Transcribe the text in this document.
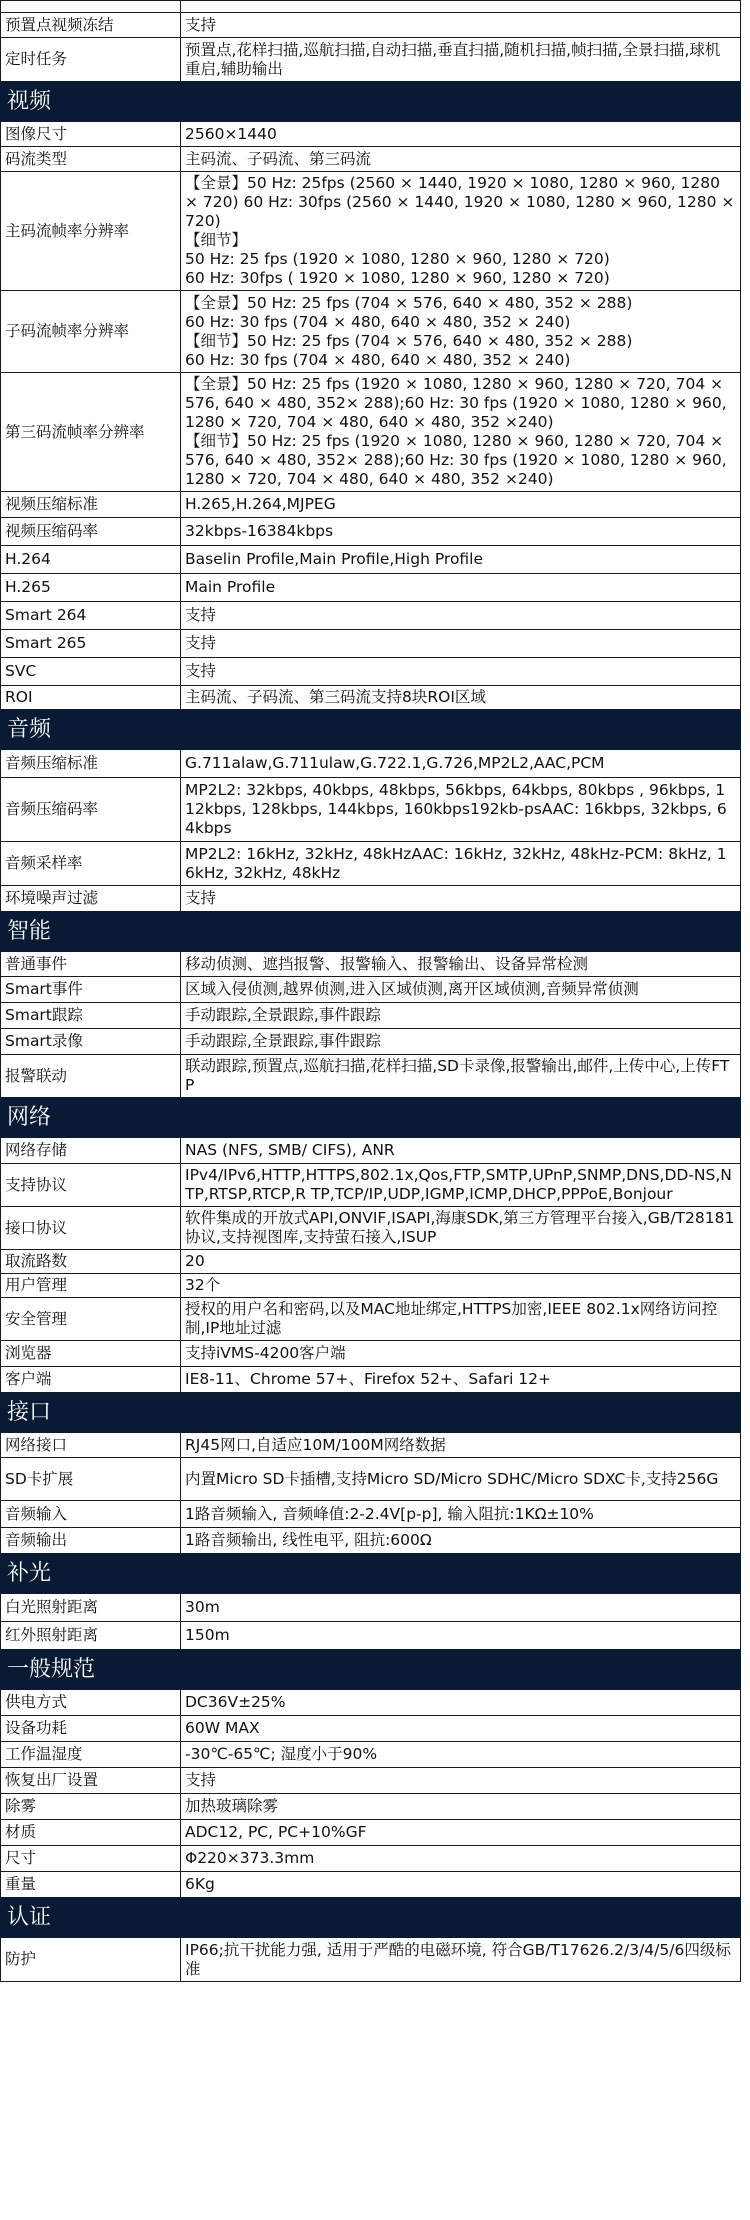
预置点视频冻结	支持
定时任务	预置点,花样扫描,巡航扫描,自动扫描,垂直扫描,随机扫描,帧扫描,全景扫描,球机重启,辅助输出
视频	
图像尺寸	2560×1440
码流类型	主码流、子码流、第三码流
主码流帧率分辨率	【全景】50 Hz: 25fps (2560 × 1440, 1920 × 1080, 1280 × 960, 1280 × 720) 60 Hz: 30fps (2560 × 1440, 1920 × 1080, 1280 × 960, 1280 × 720)
【细节】
50 Hz: 25 fps (1920 × 1080, 1280 × 960, 1280 × 720)
60 Hz: 30fps ( 1920 × 1080, 1280 × 960, 1280 × 720)
子码流帧率分辨率	【全景】50 Hz: 25 fps (704 × 576, 640 × 480, 352 × 288)
60 Hz: 30 fps (704 × 480, 640 × 480, 352 × 240)
【细节】50 Hz: 25 fps (704 × 576, 640 × 480, 352 × 288)
60 Hz: 30 fps (704 × 480, 640 × 480, 352 × 240)
第三码流帧率分辨率	【全景】50 Hz: 25 fps (1920 × 1080, 1280 × 960, 1280 × 720, 704 × 576, 640 × 480, 352× 288);60 Hz: 30 fps (1920 × 1080, 1280 × 960, 1280 × 720, 704 × 480, 640 × 480, 352 ×240)
【细节】50 Hz: 25 fps (1920 × 1080, 1280 × 960, 1280 × 720, 704 × 576, 640 × 480, 352× 288);60 Hz: 30 fps (1920 × 1080, 1280 × 960, 1280 × 720, 704 × 480, 640 × 480, 352 ×240)
视频压缩标准	H.265,H.264,MJPEG
视频压缩码率	32kbps-16384kbps
H.264	Baselin Profile,Main Profile,High Profile
H.265	Main Profile
Smart 264	支持
Smart 265	支持
SVC	支持
ROI	主码流、子码流、第三码流支持8块ROI区域
音频	
音频压缩标准	G.711alaw,G.711ulaw,G.722.1,G.726,MP2L2,AAC,PCM
音频压缩码率	MP2L2: 32kbps, 40kbps, 48kbps, 56kbps, 64kbps, 80kbps , 96kbps, 112kbps, 128kbps, 144kbps, 160kbps192kb-psAAC: 16kbps, 32kbps, 64kbps
音频采样率	MP2L2: 16kHz, 32kHz, 48kHzAAC: 16kHz, 32kHz, 48kHz-PCM: 8kHz, 16kHz, 32kHz, 48kHz
环境噪声过滤	支持
智能	
普通事件	移动侦测、遮挡报警、报警输入、报警输出、设备异常检测
Smart事件	区域入侵侦测,越界侦测,进入区域侦测,离开区域侦测,音频异常侦测
Smart跟踪	手动跟踪,全景跟踪,事件跟踪
Smart录像	手动跟踪,全景跟踪,事件跟踪
报警联动	联动跟踪,预置点,巡航扫描,花样扫描,SD卡录像,报警输出,邮件,上传中心,上传FTP
网络	
网络存储	NAS (NFS, SMB/ CIFS), ANR
支持协议	IPv4/IPv6,HTTP,HTTPS,802.1x,Qos,FTP,SMTP,UPnP,SNMP,DNS,DD-NS,NTP,RTSP,RTCP,R TP,TCP/IP,UDP,IGMP,ICMP,DHCP,PPPoE,Bonjour
接口协议	软件集成的开放式API,ONVIF,ISAPI,海康SDK,第三方管理平台接入,GB/T28181协议,支持视图库,支持萤石接入,ISUP
取流路数	20
用户管理	32个
安全管理	授权的用户名和密码,以及MAC地址绑定,HTTPS加密,IEEE 802.1x网络访问控制,IP地址过滤
浏览器	支持iVMS-4200客户端
客户端	IE8-11、Chrome 57+、Firefox 52+、Safari 12+
接口	
网络接口	RJ45网口,自适应10M/100M网络数据
SD卡扩展	内置Micro SD卡插槽,支持Micro SD/Micro SDHC/Micro SDXC卡,支持256G
音频输入	1路音频输入, 音频峰值:2-2.4V[p-p], 输入阻抗:1KΩ±10%
音频输出	1路音频输出, 线性电平, 阻抗:600Ω
补光	
白光照射距离	30m
红外照射距离	150m
一般规范	
供电方式	DC36V±25%
设备功耗	60W MAX
工作温湿度	-30℃-65℃; 湿度小于90%
恢复出厂设置	支持
除雾	加热玻璃除雾
材质	ADC12, PC, PC+10%GF
尺寸	Φ220×373.3mm
重量	6Kg
认证	
防护	IP66;抗干扰能力强, 适用于严酷的电磁环境, 符合GB/T17626.2/3/4/5/6四级标准
